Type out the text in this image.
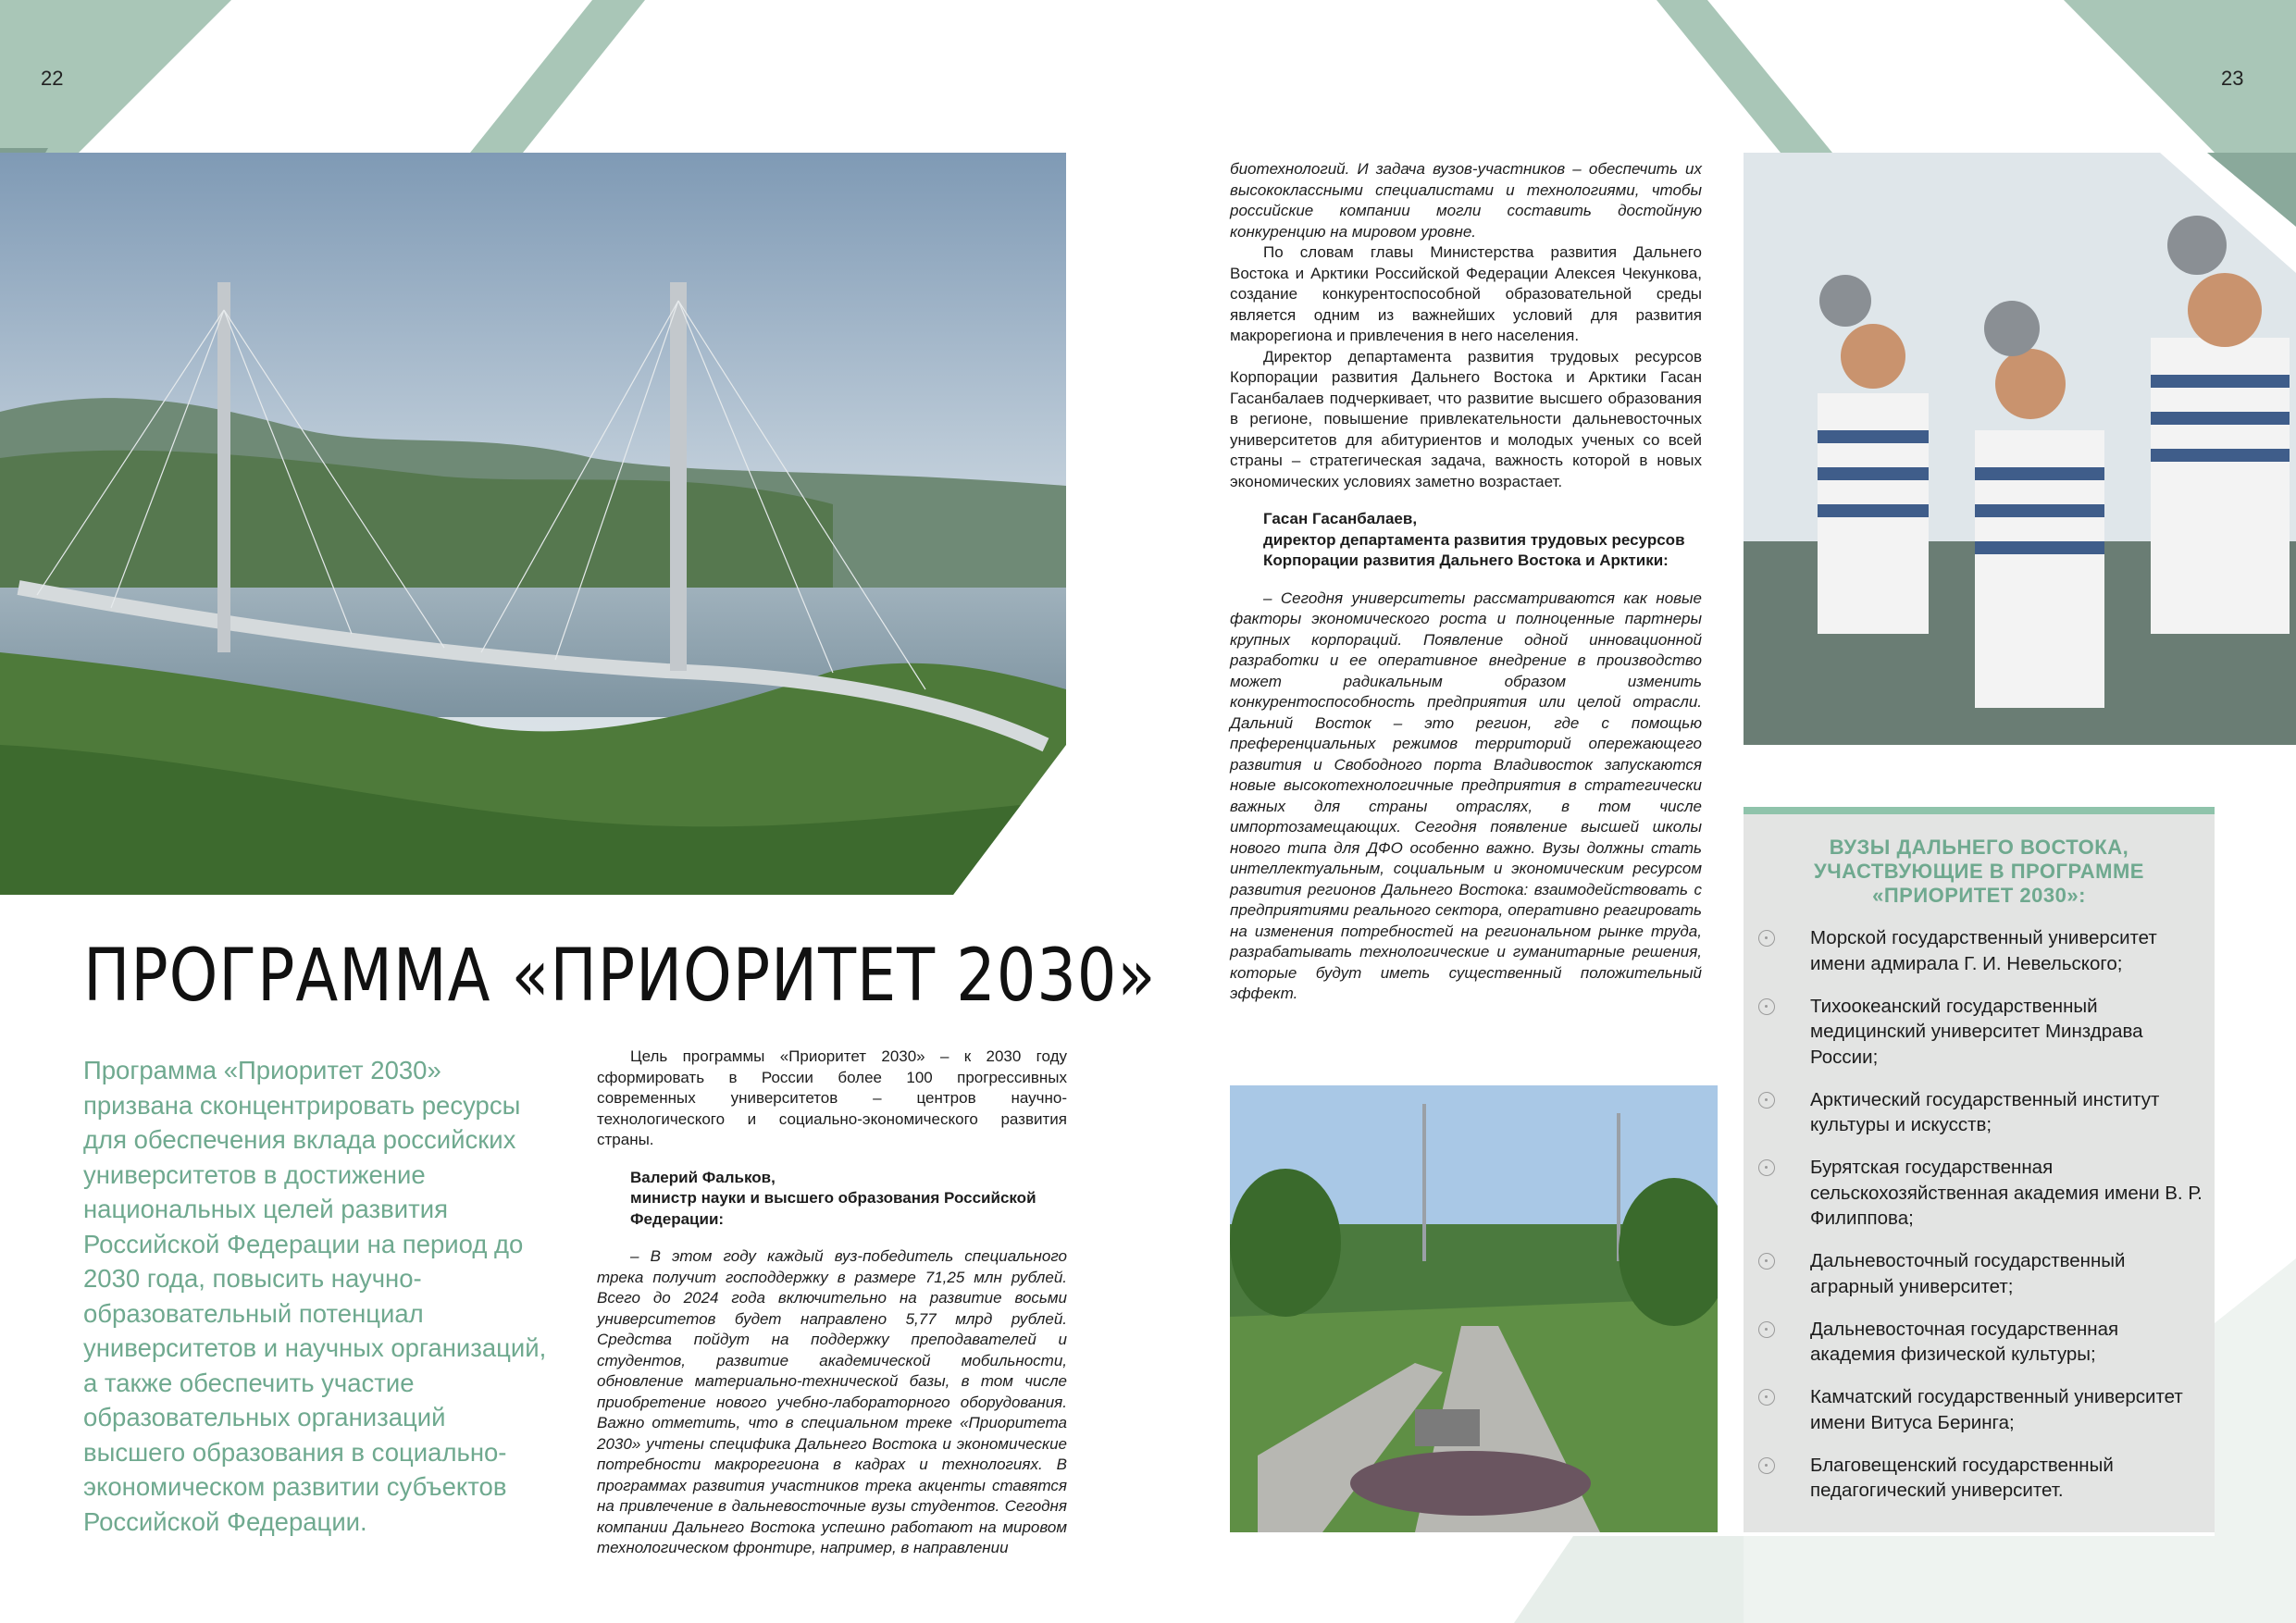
22	23
ПРОГРАММА «ПРИОРИТЕТ 2030»
Программа «Приоритет 2030» призвана сконцентрировать ресурсы для обеспечения вклада российских университетов в достижение национальных целей развития Российской Федерации на период до 2030 года, повысить научно-образовательный потенциал университетов и научных организаций, а также обеспечить участие образовательных организаций высшего образования в социально-экономическом развитии субъектов Российской Федерации.

Цель программы «Приоритет 2030» – к 2030 году сформировать в России более 100 прогрессивных современных университетов – центров научно-технологического и социально-экономического развития страны.

Валерий Фальков,
министр науки и высшего образования Российской Федерации:

– В этом году каждый вуз-победитель специального трека получит господдержку в размере 71,25 млн рублей. Всего до 2024 года включительно на развитие восьми университетов будет направлено 5,77 млрд рублей. Средства пойдут на поддержку преподавателей и студентов, развитие академической мобильности, обновление материально-технической базы, в том числе приобретение нового учебно-лабораторного оборудования. Важно отметить, что в специальном треке «Приоритета 2030» учтены специфика Дальнего Востока и экономические потребности макрорегиона в кадрах и технологиях. В программах развития участников трека акценты ставятся на привлечение в дальневосточные вузы студентов. Сегодня компании Дальнего Востока успешно работают на мировом технологическом фронтире, например, в направлении

биотехнологий. И задача вузов-участников – обеспечить их высококлассными специалистами и технологиями, чтобы российские компании могли составить достойную конкуренцию на мировом уровне.

По словам главы Министерства развития Дальнего Востока и Арктики Российской Федерации Алексея Чекункова, создание конкурентоспособной образовательной среды является одним из важнейших условий для развития макрорегиона и привлечения в него населения.

Директор департамента развития трудовых ресурсов Корпорации развития Дальнего Востока и Арктики Гасан Гасанбалаев подчеркивает, что развитие высшего образования в регионе, повышение привлекательности дальневосточных университетов для абитуриентов и молодых ученых со всей страны – стратегическая задача, важность которой в новых экономических условиях заметно возрастает.

Гасан Гасанбалаев,
директор департамента развития трудовых ресурсов Корпорации развития Дальнего Востока и Арктики:

– Сегодня университеты рассматриваются как новые факторы экономического роста и полноценные партнеры крупных корпораций. Появление одной инновационной разработки и ее оперативное внедрение в производство может радикальным образом изменить конкурентоспособность предприятия или целой отрасли. Дальний Восток – это регион, где с помощью преференциальных режимов территорий опережающего развития и Свободного порта Владивосток запускаются новые высокотехнологичные предприятия в стратегически важных для страны отраслях, в том числе импортозамещающих. Сегодня появление высшей школы нового типа для ДФО особенно важно. Вузы должны стать интеллектуальным, социальным и экономическим ресурсом развития регионов Дальнего Востока: взаимодействовать с предприятиями реального сектора, оперативно реагировать на изменения потребностей на региональном рынке труда, разрабатывать технологические и гуманитарные решения, которые будут иметь существенный положительный эффект.

ВУЗЫ ДАЛЬНЕГО ВОСТОКА, УЧАСТВУЮЩИЕ В ПРОГРАММЕ «ПРИОРИТЕТ 2030»:
Морской государственный университет имени адмирала Г. И. Невельского;
Тихоокеанский государственный медицинский университет Минздрава России;
Арктический государственный институт культуры и искусств;
Бурятская государственная сельскохозяйственная академия имени В. Р. Филиппова;
Дальневосточный государственный аграрный университет;
Дальневосточная государственная академия физической культуры;
Камчатский государственный университет имени Витуса Беринга;
Благовещенский государственный педагогический университет.
